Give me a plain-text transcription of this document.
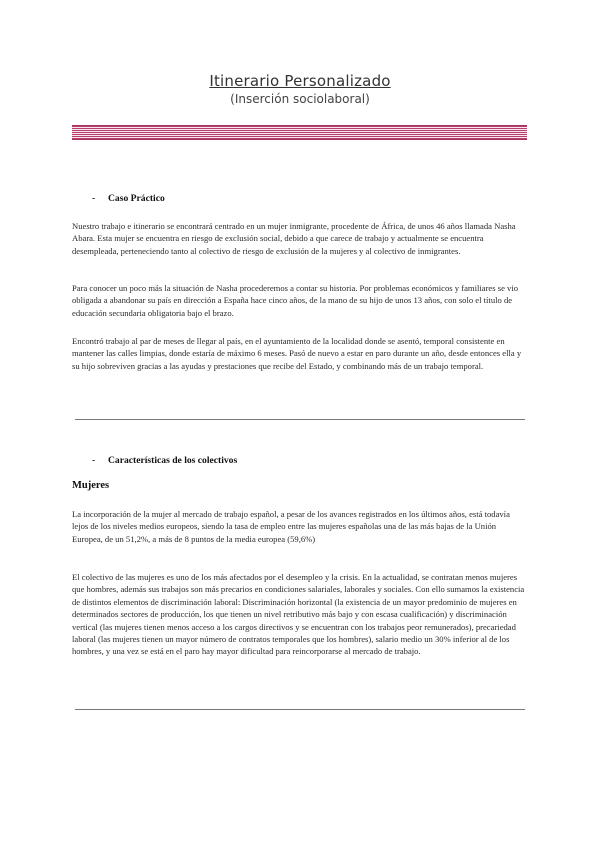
Itinerario Personalizado
(Inserción sociolaboral)
- Caso Práctico

Nuestro trabajo e itinerario se encontrará centrado en un mujer inmigrante, procedente de África, de unos 46 años llamada Nasha Abara. Esta mujer se encuentra en riesgo de exclusión social, debido a que carece de trabajo y actualmente se encuentra desempleada, perteneciendo tanto al colectivo de riesgo de exclusión de la mujeres y al colectivo de inmigrantes.

Para conocer un poco más la situación de Nasha procederemos a contar su historia. Por problemas económicos y familiares se vio obligada a abandonar su país en dirección a España hace cinco años, de la mano de su hijo de unos 13 años, con solo el título de educación secundaria obligatoria bajo el brazo.

Encontró trabajo al par de meses de llegar al país, en el ayuntamiento de la localidad donde se asentó, temporal consistente en mantener las calles limpias, donde estaría de máximo 6 meses. Pasó de nuevo a estar en paro durante un año, desde entonces ella y su hijo sobreviven gracias a las ayudas y prestaciones que recibe del Estado, y combinando más de un trabajo temporal.

- Características de los colectivos
Mujeres

La incorporación de la mujer al mercado de trabajo español, a pesar de los avances registrados en los últimos años, está todavía lejos de los niveles medios europeos, siendo la tasa de empleo entre las mujeres españolas una de las más bajas de la Unión Europea, de un 51,2%, a más de 8 puntos de la media europea (59,6%)

El colectivo de las mujeres es uno de los más afectados por el desempleo y la crisis. En la actualidad, se contratan menos mujeres que hombres, además sus trabajos son más precarios en condiciones salariales, laborales y sociales. Con ello sumamos la existencia de distintos elementos de discriminación laboral: Discriminación horizontal (la existencia de un mayor predominio de mujeres en determinados sectores de producción, los que tienen un nivel retributivo más bajo y con escasa cualificación) y discriminación vertical (las mujeres tienen menos acceso a los cargos directivos y se encuentran con los trabajos peor remunerados), precariedad laboral (las mujeres tienen un mayor número de contratos temporales que los hombres), salario medio un 30% inferior al de los hombres, y una vez se está en el paro hay mayor dificultad para reincorporarse al mercado de trabajo.
